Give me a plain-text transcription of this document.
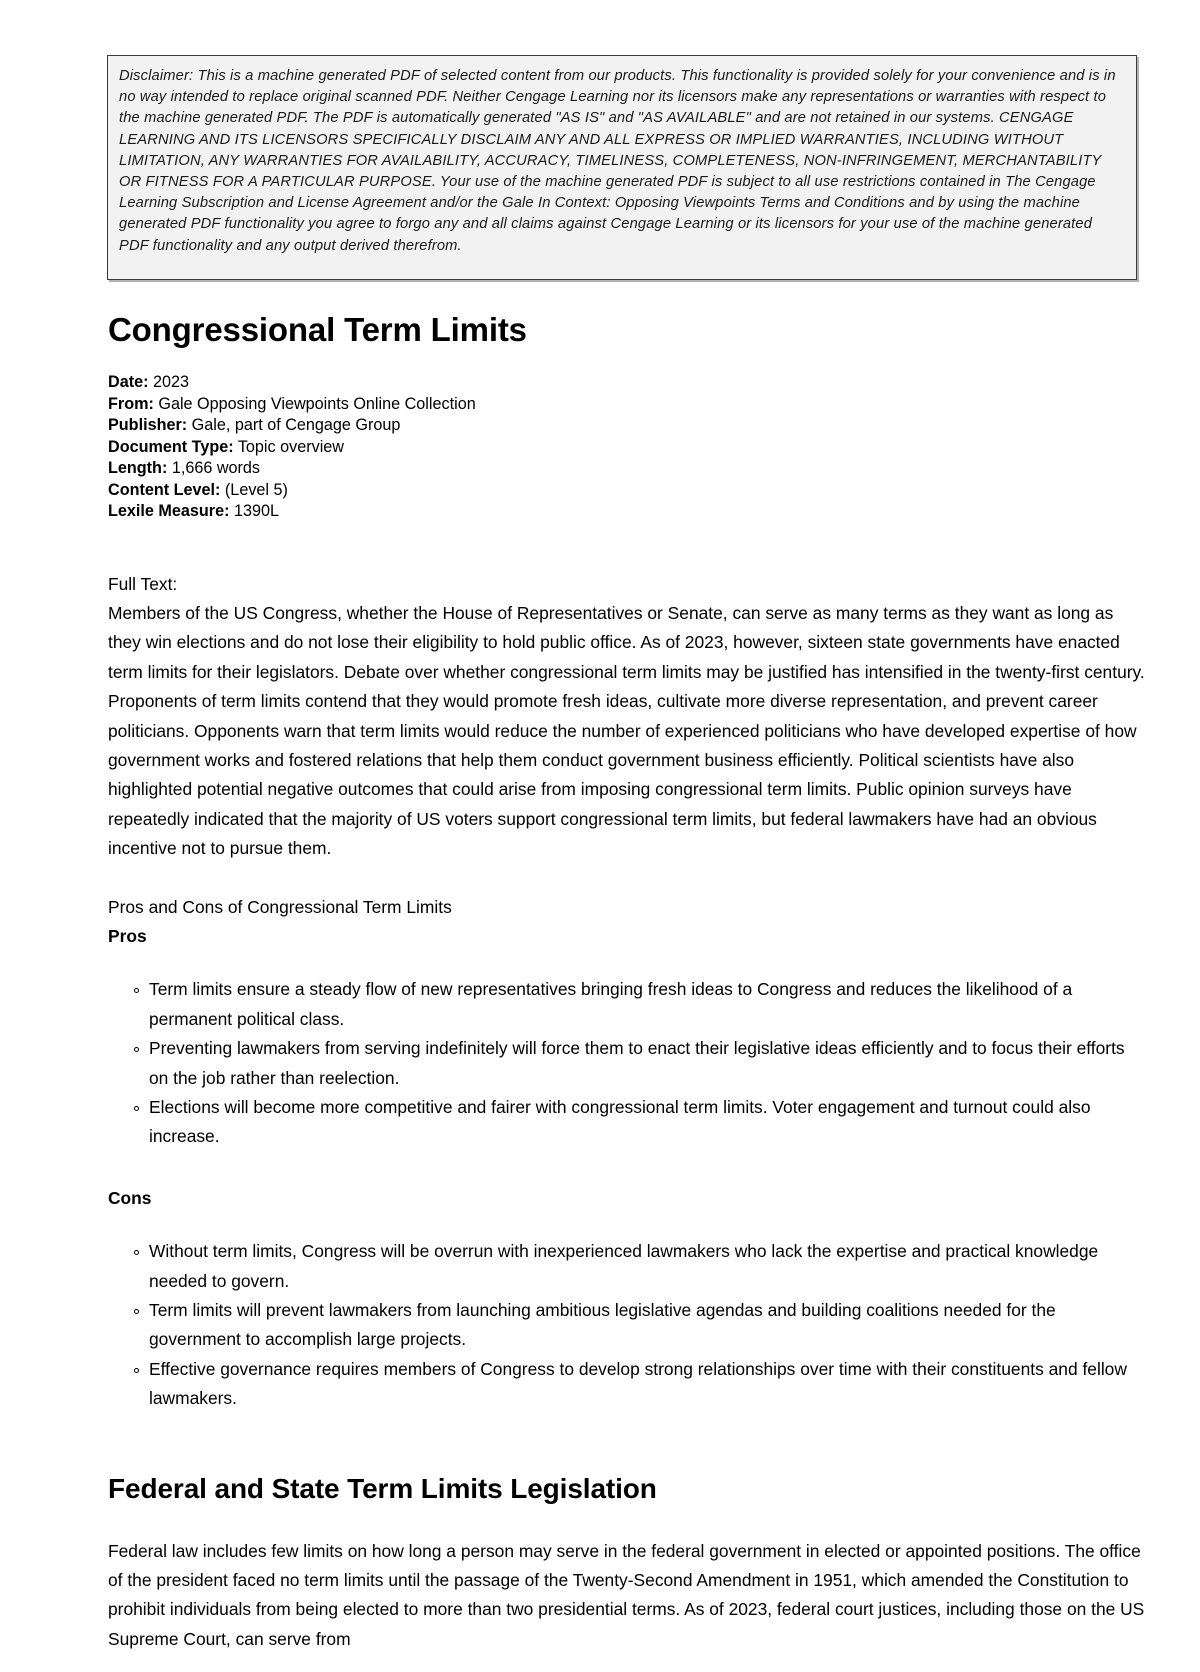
Disclaimer: This is a machine generated PDF of selected content from our products. This functionality is provided solely for your convenience and is in no way intended to replace original scanned PDF. Neither Cengage Learning nor its licensors make any representations or warranties with respect to the machine generated PDF. The PDF is automatically generated "AS IS" and "AS AVAILABLE" and are not retained in our systems. CENGAGE LEARNING AND ITS LICENSORS SPECIFICALLY DISCLAIM ANY AND ALL EXPRESS OR IMPLIED WARRANTIES, INCLUDING WITHOUT LIMITATION, ANY WARRANTIES FOR AVAILABILITY, ACCURACY, TIMELINESS, COMPLETENESS, NON-INFRINGEMENT, MERCHANTABILITY OR FITNESS FOR A PARTICULAR PURPOSE. Your use of the machine generated PDF is subject to all use restrictions contained in The Cengage Learning Subscription and License Agreement and/or the Gale In Context: Opposing Viewpoints Terms and Conditions and by using the machine generated PDF functionality you agree to forgo any and all claims against Cengage Learning or its licensors for your use of the machine generated PDF functionality and any output derived therefrom.

Congressional Term Limits
Date: 2023
From: Gale Opposing Viewpoints Online Collection
Publisher: Gale, part of Cengage Group
Document Type: Topic overview
Length: 1,666 words
Content Level: (Level 5)
Lexile Measure: 1390L
Full Text:

Members of the US Congress, whether the House of Representatives or Senate, can serve as many terms as they want as long as they win elections and do not lose their eligibility to hold public office. As of 2023, however, sixteen state governments have enacted term limits for their legislators. Debate over whether congressional term limits may be justified has intensified in the twenty-first century. Proponents of term limits contend that they would promote fresh ideas, cultivate more diverse representation, and prevent career politicians. Opponents warn that term limits would reduce the number of experienced politicians who have developed expertise of how government works and fostered relations that help them conduct government business efficiently. Political scientists have also highlighted potential negative outcomes that could arise from imposing congressional term limits. Public opinion surveys have repeatedly indicated that the majority of US voters support congressional term limits, but federal lawmakers have had an obvious incentive not to pursue them.

Pros and Cons of Congressional Term Limits
Pros
Term limits ensure a steady flow of new representatives bringing fresh ideas to Congress and reduces the likelihood of a permanent political class.
Preventing lawmakers from serving indefinitely will force them to enact their legislative ideas efficiently and to focus their efforts on the job rather than reelection.
Elections will become more competitive and fairer with congressional term limits. Voter engagement and turnout could also increase.
Cons
Without term limits, Congress will be overrun with inexperienced lawmakers who lack the expertise and practical knowledge needed to govern.
Term limits will prevent lawmakers from launching ambitious legislative agendas and building coalitions needed for the government to accomplish large projects.
Effective governance requires members of Congress to develop strong relationships over time with their constituents and fellow lawmakers.
Federal and State Term Limits Legislation

Federal law includes few limits on how long a person may serve in the federal government in elected or appointed positions. The office of the president faced no term limits until the passage of the Twenty-Second Amendment in 1951, which amended the Constitution to prohibit individuals from being elected to more than two presidential terms. As of 2023, federal court justices, including those on the US Supreme Court, can serve from
